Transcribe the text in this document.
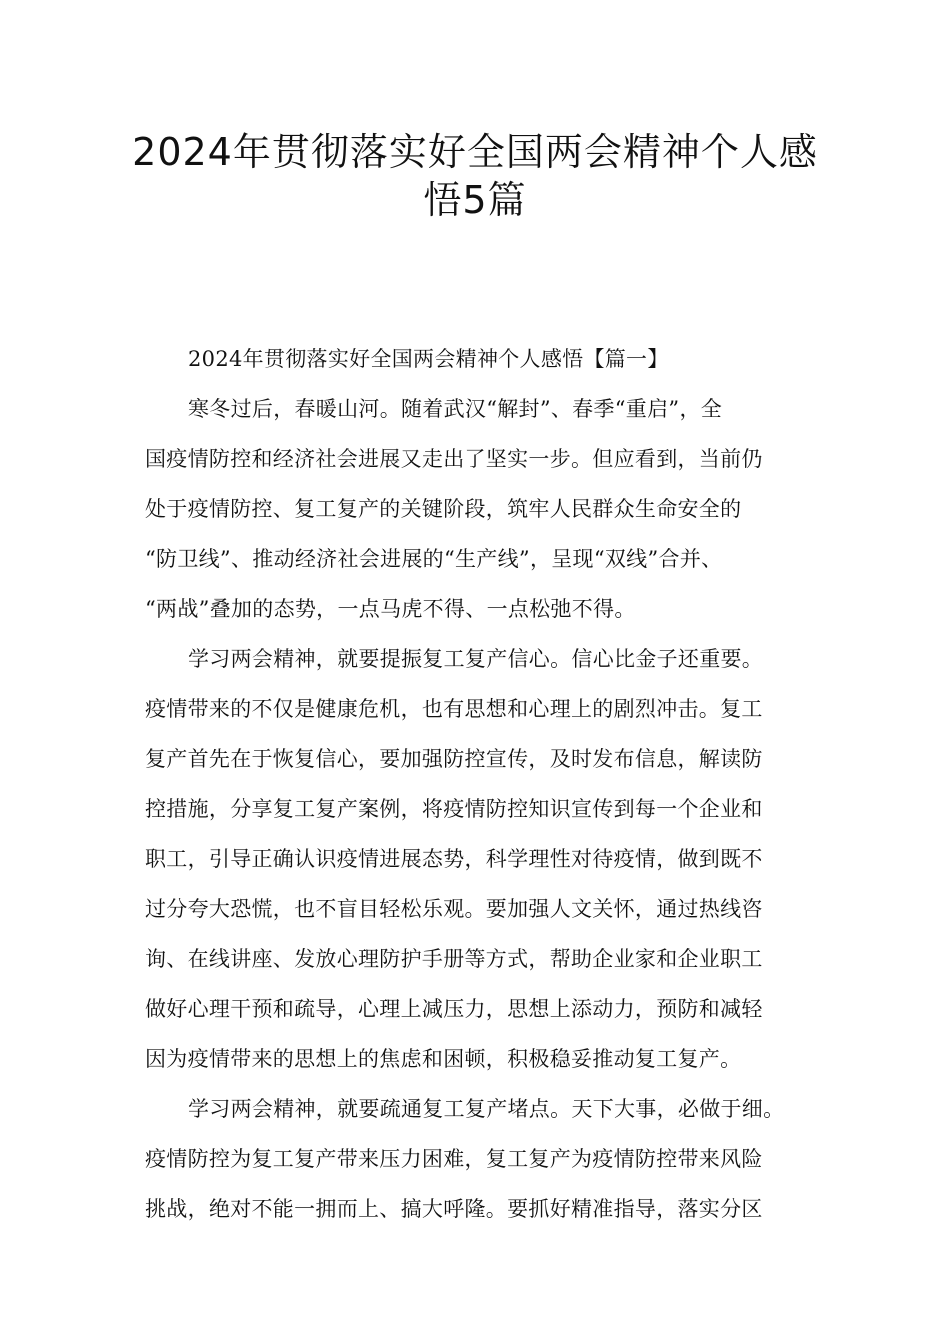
2024年贯彻落实好全国两会精神个人感
悟5篇
2024年贯彻落实好全国两会精神个人感悟【篇一】
寒冬过后，春暖山河。随着武汉“解封”、春季“重启”，全
国疫情防控和经济社会进展又走出了坚实一步。但应看到，当前仍
处于疫情防控、复工复产的关键阶段，筑牢人民群众生命安全的
“防卫线”、推动经济社会进展的“生产线”，呈现“双线”合并、
“两战”叠加的态势，一点马虎不得、一点松弛不得。
学习两会精神，就要提振复工复产信心。信心比金子还重要。
疫情带来的不仅是健康危机，也有思想和心理上的剧烈冲击。复工
复产首先在于恢复信心，要加强防控宣传，及时发布信息，解读防
控措施，分享复工复产案例，将疫情防控知识宣传到每一个企业和
职工，引导正确认识疫情进展态势，科学理性对待疫情，做到既不
过分夸大恐慌，也不盲目轻松乐观。要加强人文关怀，通过热线咨
询、在线讲座、发放心理防护手册等方式，帮助企业家和企业职工
做好心理干预和疏导，心理上减压力，思想上添动力，预防和减轻
因为疫情带来的思想上的焦虑和困顿，积极稳妥推动复工复产。
学习两会精神，就要疏通复工复产堵点。天下大事，必做于细。
疫情防控为复工复产带来压力困难，复工复产为疫情防控带来风险
挑战，绝对不能一拥而上、搞大呼隆。要抓好精准指导，落实分区
